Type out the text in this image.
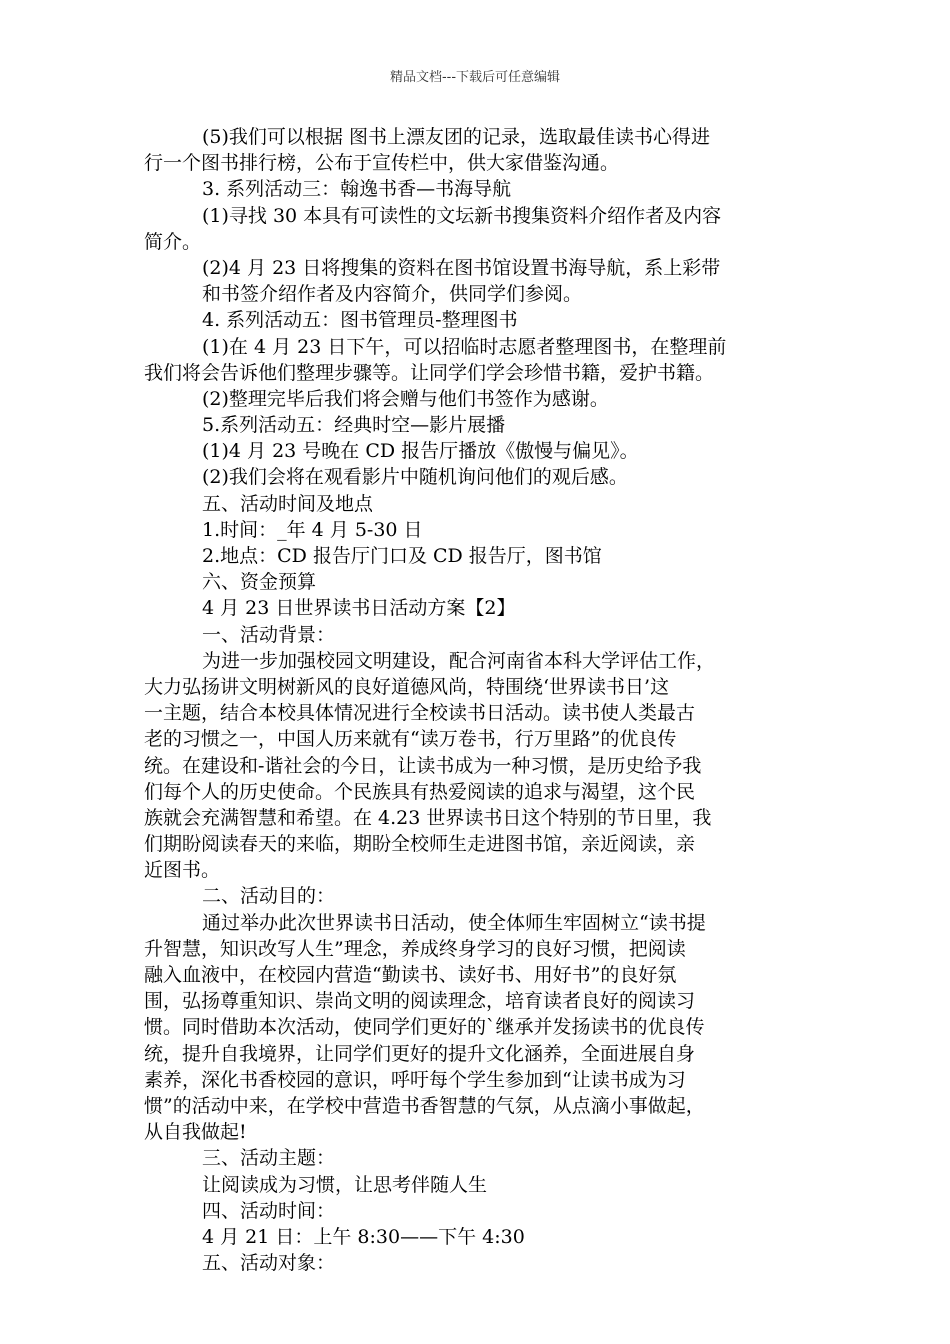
精品文档---下载后可任意编辑
(5)我们可以根据 图书上漂友团的记录，选取最佳读书心得进
行一个图书排行榜，公布于宣传栏中，供大家借鉴沟通。
3. 系列活动三：翰逸书香—书海导航
(1)寻找 30 本具有可读性的文坛新书搜集资料介绍作者及内容
简介。
(2)4 月 23 日将搜集的资料在图书馆设置书海导航，系上彩带
和书签介绍作者及内容简介，供同学们参阅。
4. 系列活动五：图书管理员-整理图书
(1)在 4 月 23 日下午，可以招临时志愿者整理图书，在整理前
我们将会告诉他们整理步骤等。让同学们学会珍惜书籍，爱护书籍。
(2)整理完毕后我们将会赠与他们书签作为感谢。
5.系列活动五：经典时空—影片展播
(1)4 月 23 号晚在 CD 报告厅播放《傲慢与偏见》。
(2)我们会将在观看影片中随机询问他们的观后感。
五、活动时间及地点
1.时间：_年 4 月 5-30 日
2.地点：CD 报告厅门口及 CD 报告厅，图书馆
六、资金预算
4 月 23 日世界读书日活动方案【2】
一、活动背景：
为进一步加强校园文明建设，配合河南省本科大学评估工作，
大力弘扬讲文明树新风的良好道德风尚，特围绕‘世界读书日’这
一主题，结合本校具体情况进行全校读书日活动。读书使人类最古
老的习惯之一，中国人历来就有“读万卷书，行万里路”的优良传
统。在建设和-谐社会的今日，让读书成为一种习惯，是历史给予我
们每个人的历史使命。个民族具有热爱阅读的追求与渴望，这个民
族就会充满智慧和希望。在 4.23 世界读书日这个特别的节日里，我
们期盼阅读春天的来临，期盼全校师生走进图书馆，亲近阅读，亲
近图书。
二、活动目的：
通过举办此次世界读书日活动，使全体师生牢固树立“读书提
升智慧，知识改写人生”理念，养成终身学习的良好习惯，把阅读
融入血液中，在校园内营造“勤读书、读好书、用好书”的良好氛
围，弘扬尊重知识、崇尚文明的阅读理念，培育读者良好的阅读习
惯。同时借助本次活动，使同学们更好的`继承并发扬读书的优良传
统，提升自我境界，让同学们更好的提升文化涵养，全面进展自身
素养，深化书香校园的意识，呼吁每个学生参加到“让读书成为习
惯”的活动中来，在学校中营造书香智慧的气氛，从点滴小事做起，
从自我做起!
三、活动主题：
让阅读成为习惯，让思考伴随人生
四、活动时间：
4 月 21 日：上午 8:30——下午 4:30
五、活动对象：
